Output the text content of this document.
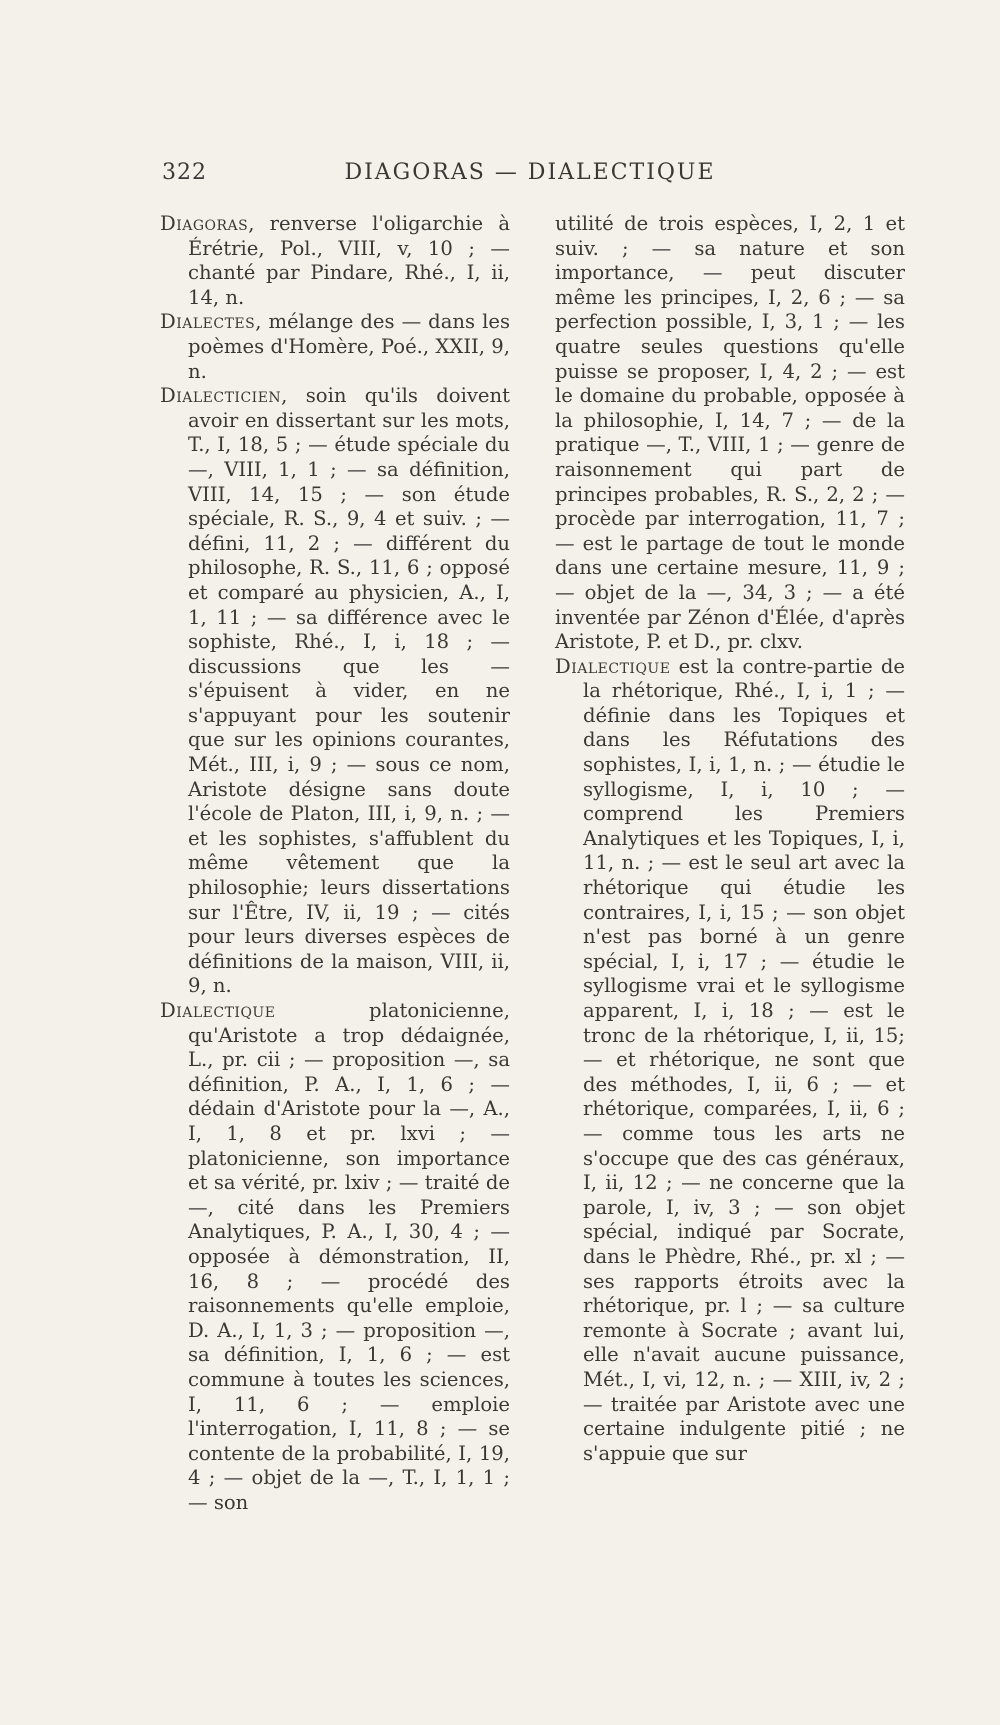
322	DIAGORAS — DIALECTIQUE

Diagoras, renverse l'oligarchie à Érétrie, Pol., VIII, v, 10 ; — chanté par Pindare, Rhé., I, ii, 14, n.

Dialectes, mélange des — dans les poèmes d'Homère, Poé., XXII, 9, n.

Dialecticien, soin qu'ils doivent avoir en dissertant sur les mots, T., I, 18, 5 ; — étude spéciale du —, VIII, 1, 1 ; — sa définition, VIII, 14, 15 ; — son étude spéciale, R. S., 9, 4 et suiv. ; — défini, 11, 2 ; — différent du philosophe, R. S., 11, 6 ; opposé et comparé au physicien, A., I, 1, 11 ; — sa différence avec le sophiste, Rhé., I, i, 18 ; — discussions que les — s'épuisent à vider, en ne s'appuyant pour les soutenir que sur les opinions courantes, Mét., III, i, 9 ; — sous ce nom, Aristote désigne sans doute l'école de Platon, III, i, 9, n. ; — et les sophistes, s'affublent du même vêtement que la philosophie; leurs dissertations sur l'Être, IV, ii, 19 ; — cités pour leurs diverses espèces de définitions de la maison, VIII, ii, 9, n.

Dialectique platonicienne, qu'Aristote a trop dédaignée, L., pr. cii ; — proposition —, sa définition, P. A., I, 1, 6 ; — dédain d'Aristote pour la —, A., I, 1, 8 et pr. lxvi ; — platonicienne, son importance et sa vérité, pr. lxiv ; — traité de —, cité dans les Premiers Analytiques, P. A., I, 30, 4 ; — opposée à démonstration, II, 16, 8 ; — procédé des raisonnements qu'elle emploie, D. A., I, 1, 3 ; — proposition —, sa définition, I, 1, 6 ; — est commune à toutes les sciences, I, 11, 6 ; — emploie l'interrogation, I, 11, 8 ; — se contente de la probabilité, I, 19, 4 ; — objet de la —, T., I, 1, 1 ; — son

utilité de trois espèces, I, 2, 1 et suiv. ; — sa nature et son importance, — peut discuter même les principes, I, 2, 6 ; — sa perfection possible, I, 3, 1 ; — les quatre seules questions qu'elle puisse se proposer, I, 4, 2 ; — est le domaine du probable, opposée à la philosophie, I, 14, 7 ; — de la pratique —, T., VIII, 1 ; — genre de raisonnement qui part de principes probables, R. S., 2, 2 ; — procède par interrogation, 11, 7 ; — est le partage de tout le monde dans une certaine mesure, 11, 9 ; — objet de la —, 34, 3 ; — a été inventée par Zénon d'Élée, d'après Aristote, P. et D., pr. clxv.

Dialectique est la contre-partie de la rhétorique, Rhé., I, i, 1 ; — définie dans les Topiques et dans les Réfutations des sophistes, I, i, 1, n. ; — étudie le syllogisme, I, i, 10 ; — comprend les Premiers Analytiques et les Topiques, I, i, 11, n. ; — est le seul art avec la rhétorique qui étudie les contraires, I, i, 15 ; — son objet n'est pas borné à un genre spécial, I, i, 17 ; — étudie le syllogisme vrai et le syllogisme apparent, I, i, 18 ; — est le tronc de la rhétorique, I, ii, 15; — et rhétorique, ne sont que des méthodes, I, ii, 6 ; — et rhétorique, comparées, I, ii, 6 ; — comme tous les arts ne s'occupe que des cas généraux, I, ii, 12 ; — ne concerne que la parole, I, iv, 3 ; — son objet spécial, indiqué par Socrate, dans le Phèdre, Rhé., pr. xl ; — ses rapports étroits avec la rhétorique, pr. l ; — sa culture remonte à Socrate ; avant lui, elle n'avait aucune puissance, Mét., I, vi, 12, n. ; — XIII, iv, 2 ; — traitée par Aristote avec une certaine indulgente pitié ; ne s'appuie que sur
